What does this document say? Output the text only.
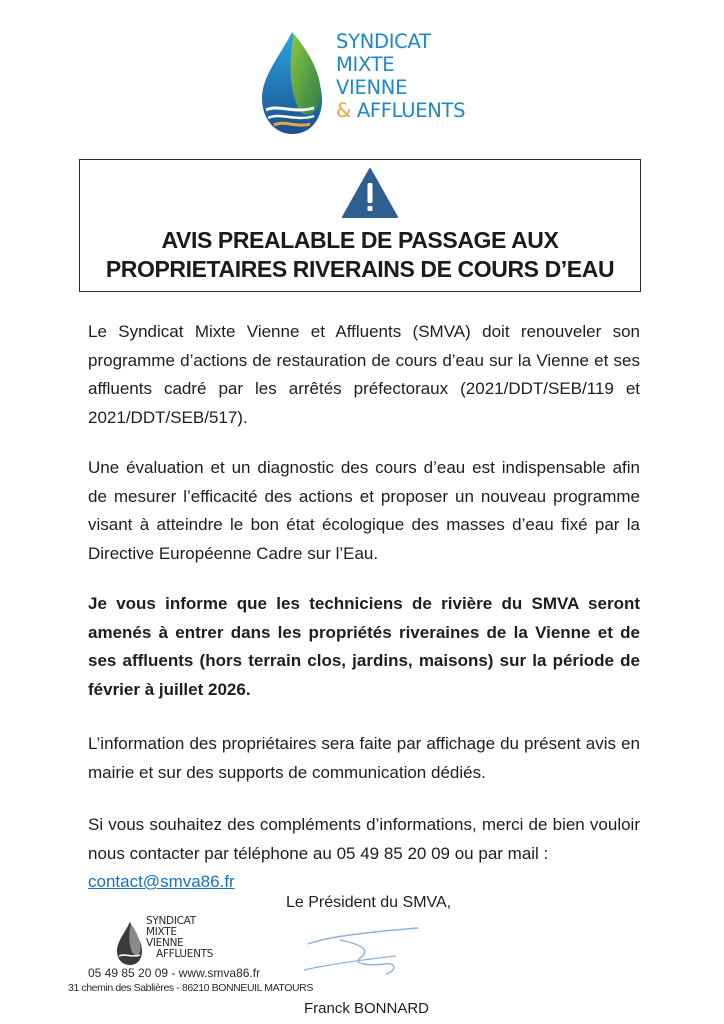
SYNDICAT
MIXTE
VIENNE
& AFFLUENTS
AVIS PREALABLE DE PASSAGE AUX
PROPRIETAIRES RIVERAINS DE COURS D’EAU

Le Syndicat Mixte Vienne et Affluents (SMVA) doit renouveler son programme d’actions de restauration de cours d’eau sur la Vienne et ses affluents cadré par les arrêtés préfectoraux (2021/DDT/SEB/119 et 2021/DDT/SEB/517).

Une évaluation et un diagnostic des cours d’eau est indispensable afin de mesurer l’efficacité des actions et proposer un nouveau programme visant à atteindre le bon état écologique des masses d’eau fixé par la Directive Européenne Cadre sur l’Eau.

Je vous informe que les techniciens de rivière du SMVA seront amenés à entrer dans les propriétés riveraines de la Vienne et de ses affluents (hors terrain clos, jardins, maisons) sur la période de février à juillet 2026.

L’information des propriétaires sera faite par affichage du présent avis en mairie et sur des supports de communication dédiés.

Si vous souhaitez des compléments d’informations, merci de bien vouloir nous contacter par téléphone au 05 49 85 20 09 ou par mail :
contact@smva86.fr
Le Président du SMVA,
Franck BONNARD
SYNDICAT
MIXTE
VIENNE
AFFLUENTS
05 49 85 20 09 - www.smva86.fr
31 chemin des Sablières - 86210 BONNEUIL MATOURS
